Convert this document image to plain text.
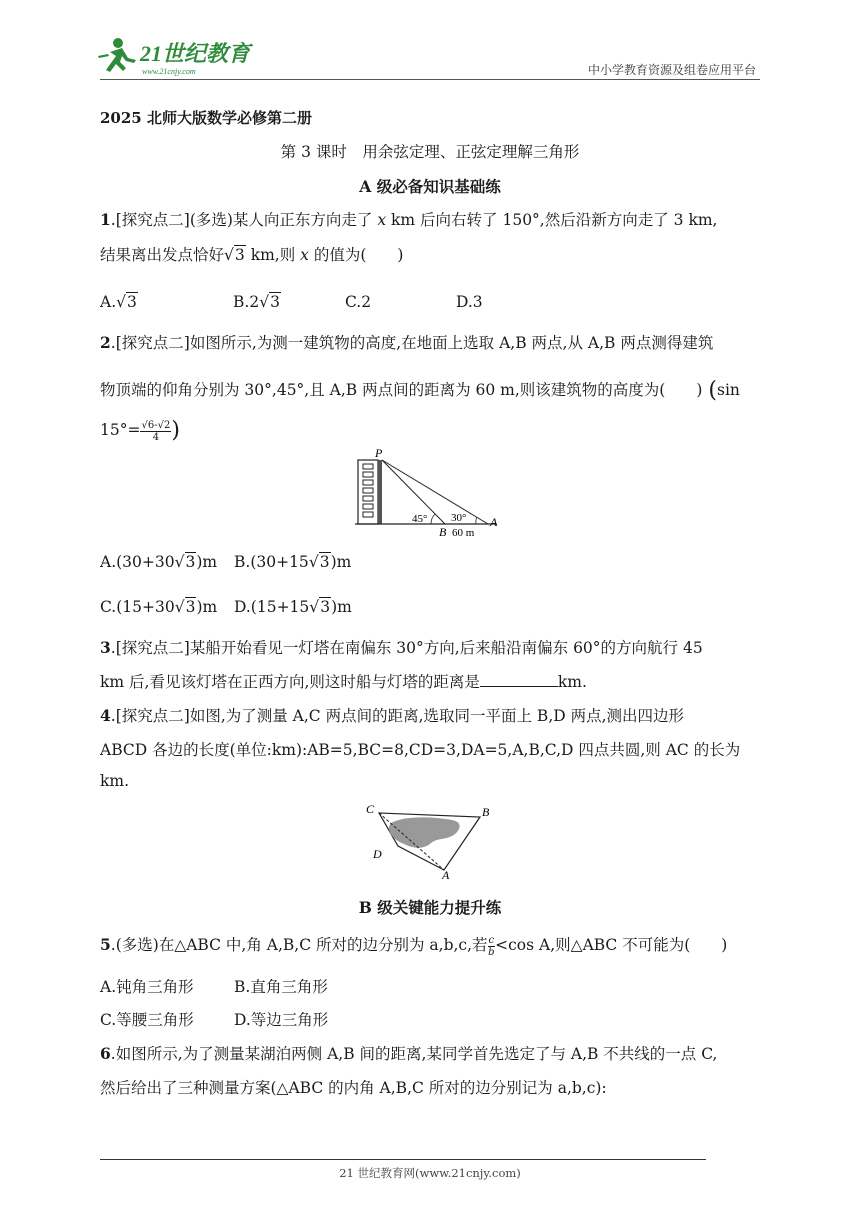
21世纪教育
www.21cnjy.com	中小学教育资源及组卷应用平台
2025 北师大版数学必修第二册
第 3 课时　用余弦定理、正弦定理解三角形
A 级必备知识基础练
1.[探究点二](多选)某人向正东方向走了 x km 后向右转了 150°,然后沿新方向走了 3 km,
结果离出发点恰好√3 km,则 x 的值为(　　)
A.√3	B.2√3	C.2	D.3
2.[探究点二]如图所示,为测一建筑物的高度,在地面上选取 A,B 两点,从 A,B 两点测得建筑
物顶端的仰角分别为 30°,45°,且 A,B 两点间的距离为 60 m,则该建筑物的高度为(　　) (sin
$15^\circ= \frac{√6-√2}{4}$ )
P
B
A
45° 30°
60 m
A.(30+30√3)m B.(30+15√3)m
C.(15+30√3)m D.(15+15√3)m
3.[探究点二]某船开始看见一灯塔在南偏东 30°方向,后来船沿南偏东 60°的方向航行 45
km 后,看见该灯塔在正西方向,则这时船与灯塔的距离是	km.
4.[探究点二]如图,为了测量 A,C 两点间的距离,选取同一平面上 B,D 两点,测出四边形
ABCD 各边的长度(单位:km):AB=5,BC=8,CD=3,DA=5,A,B,C,D 四点共圆,则 AC 的长为
km.
C	B
D
A
B 级关键能力提升练
5.(多选)在△ABC 中,角 A,B,C 所对的边分别为 a,b,c,若 $\frac{c}{b} <\cos$ A,则△ABC 不可能为(　　)
A.钝角三角形	B.直角三角形
C.等腰三角形	D.等边三角形
6.如图所示,为了测量某湖泊两侧 A,B 间的距离,某同学首先选定了与 A,B 不共线的一点 C,
然后给出了三种测量方案(△ABC 的内角 A,B,C 所对的边分别记为 a,b,c):
21 世纪教育网(www.21cnjy.com)
